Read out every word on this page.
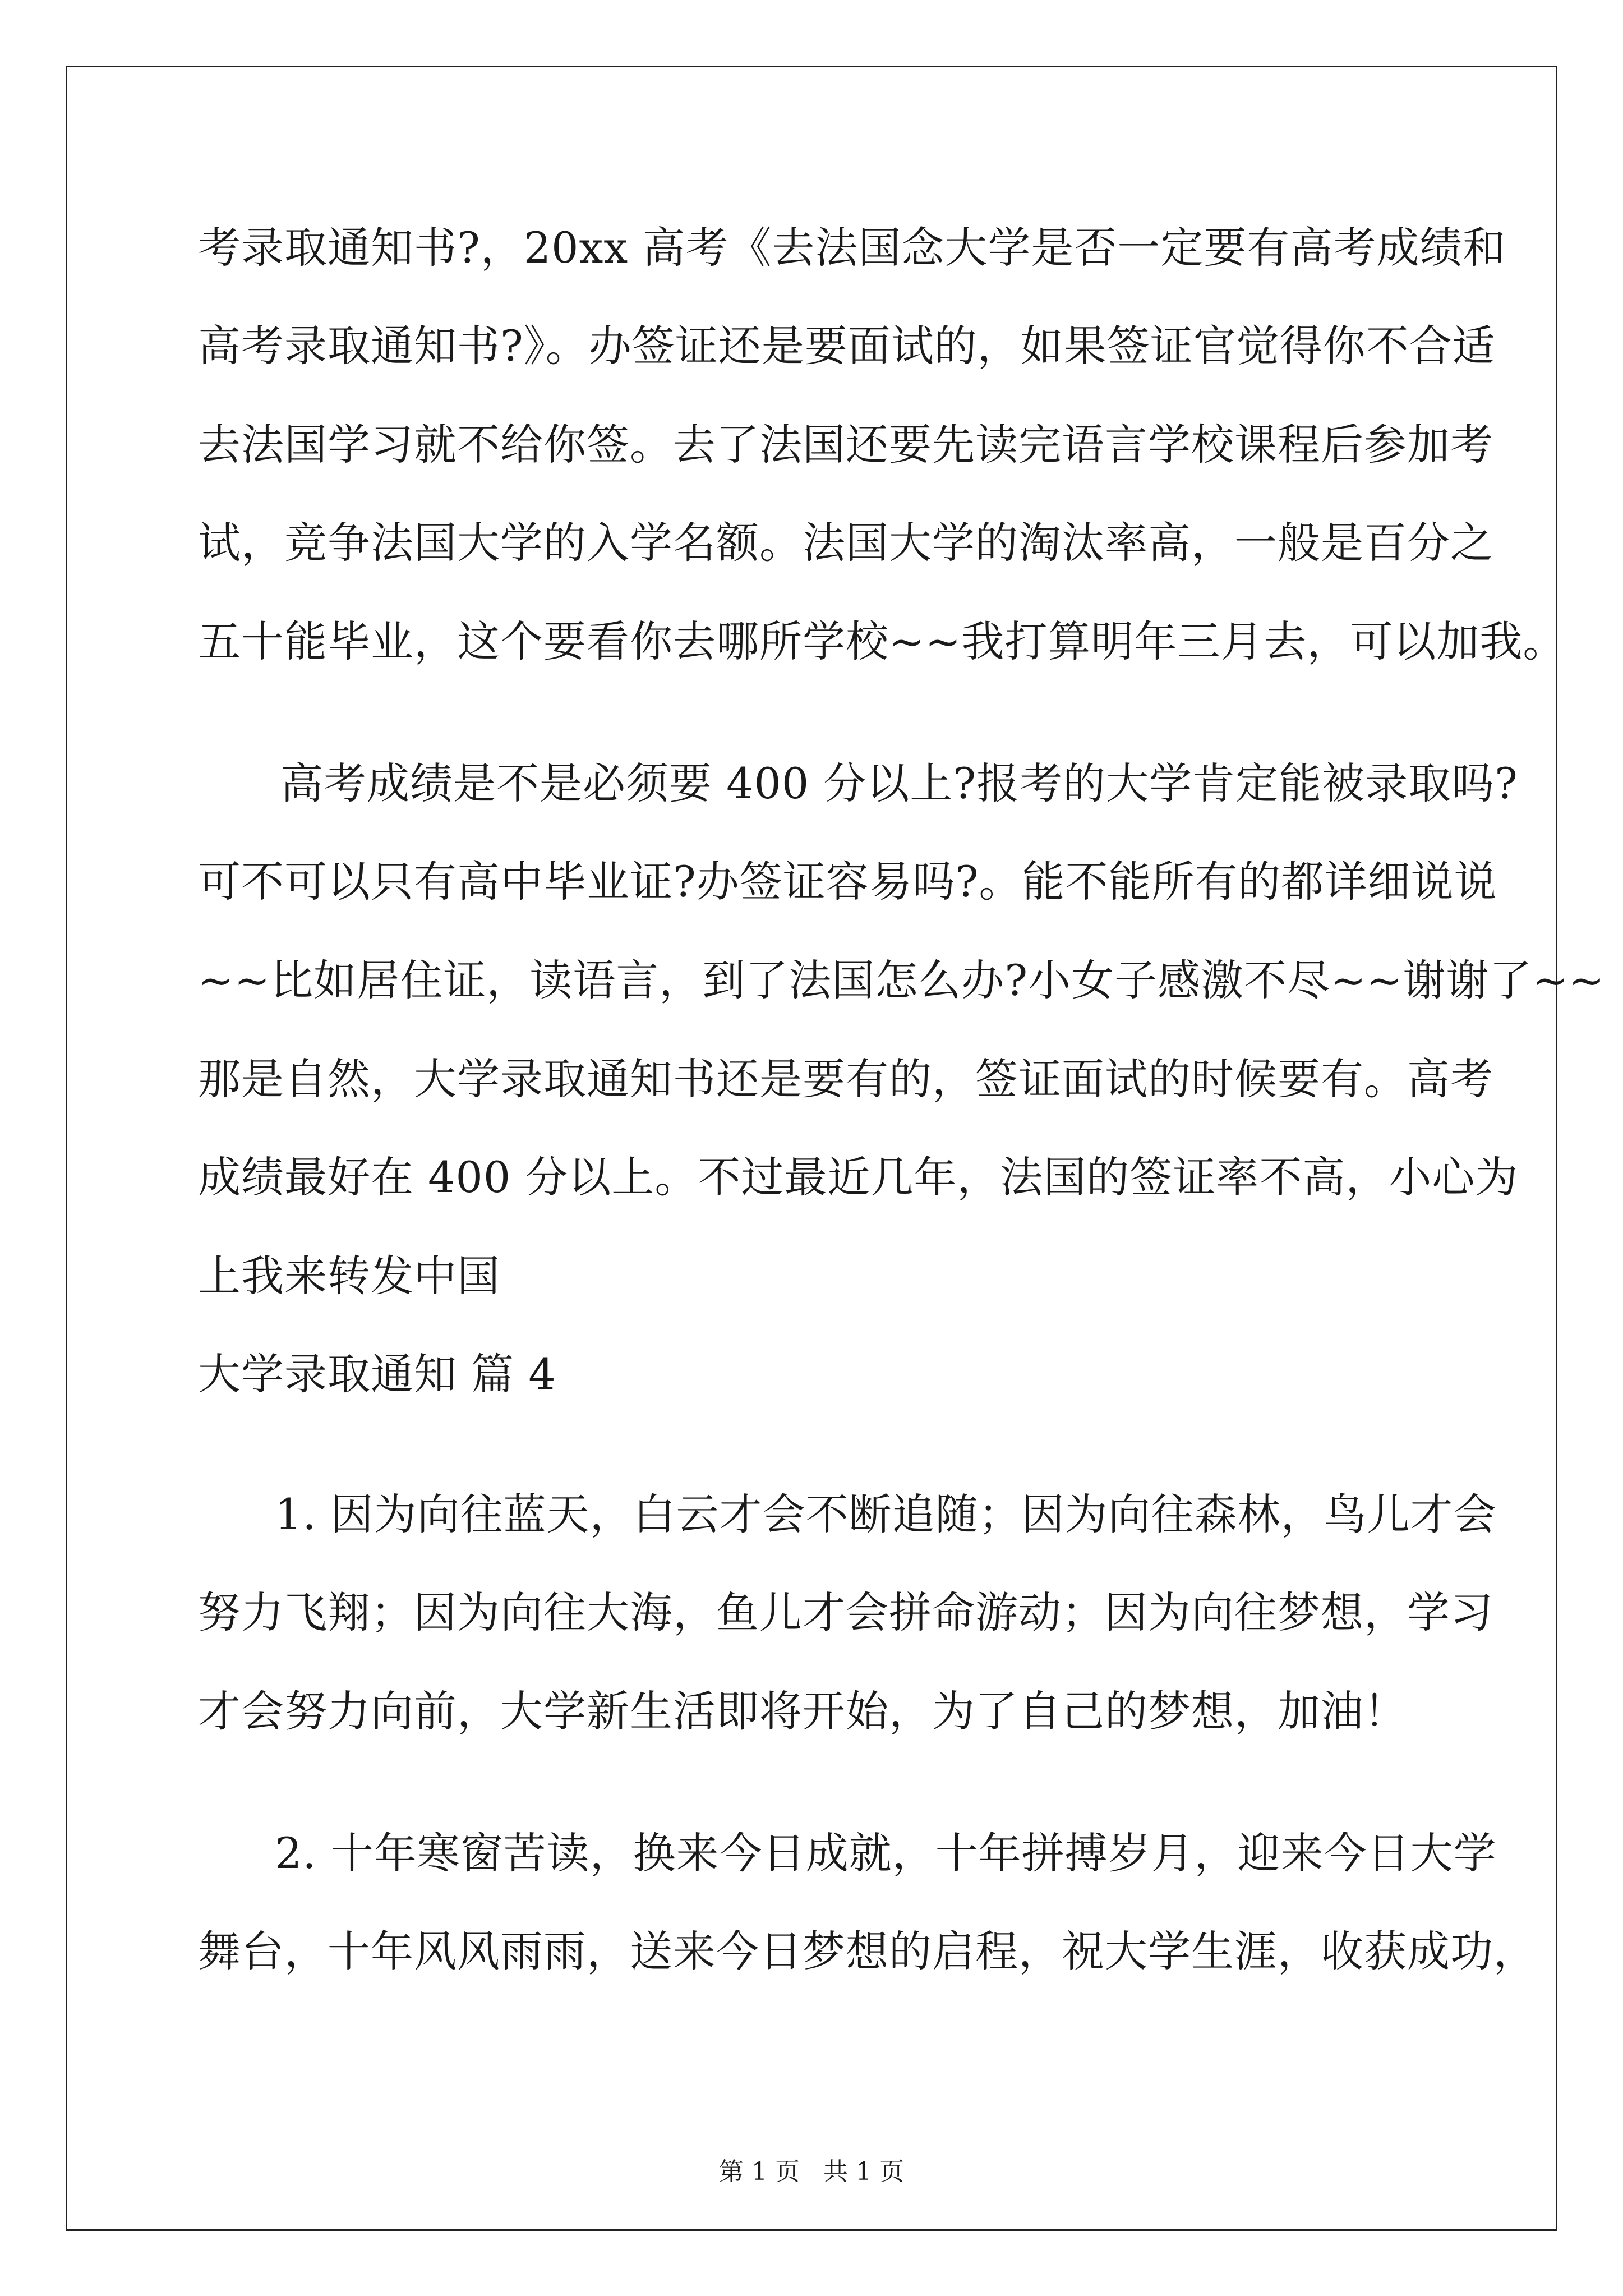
考录取通知书?，20xx 高考《去法国念大学是否一定要有高考成绩和
高考录取通知书?》。办签证还是要面试的，如果签证官觉得你不合适
去法国学习就不给你签。去了法国还要先读完语言学校课程后参加考
试，竞争法国大学的入学名额。法国大学的淘汰率高，一般是百分之
五十能毕业，这个要看你去哪所学校~~我打算明年三月去，可以加我。
高考成绩是不是必须要 400 分以上?报考的大学肯定能被录取吗?
可不可以只有高中毕业证?办签证容易吗?。能不能所有的都详细说说
~~比如居住证，读语言，到了法国怎么办?小女子感激不尽~~谢谢了~~
那是自然，大学录取通知书还是要有的，签证面试的时候要有。高考
成绩最好在 400 分以上。不过最近几年，法国的签证率不高，小心为
上我来转发中国
大学录取通知 篇 4
1. 因为向往蓝天，白云才会不断追随；因为向往森林，鸟儿才会
努力飞翔；因为向往大海，鱼儿才会拼命游动；因为向往梦想，学习
才会努力向前，大学新生活即将开始，为了自己的梦想，加油！
2. 十年寒窗苦读，换来今日成就，十年拼搏岁月，迎来今日大学
舞台，十年风风雨雨，送来今日梦想的启程，祝大学生涯，收获成功，
第 1 页   共 1 页
